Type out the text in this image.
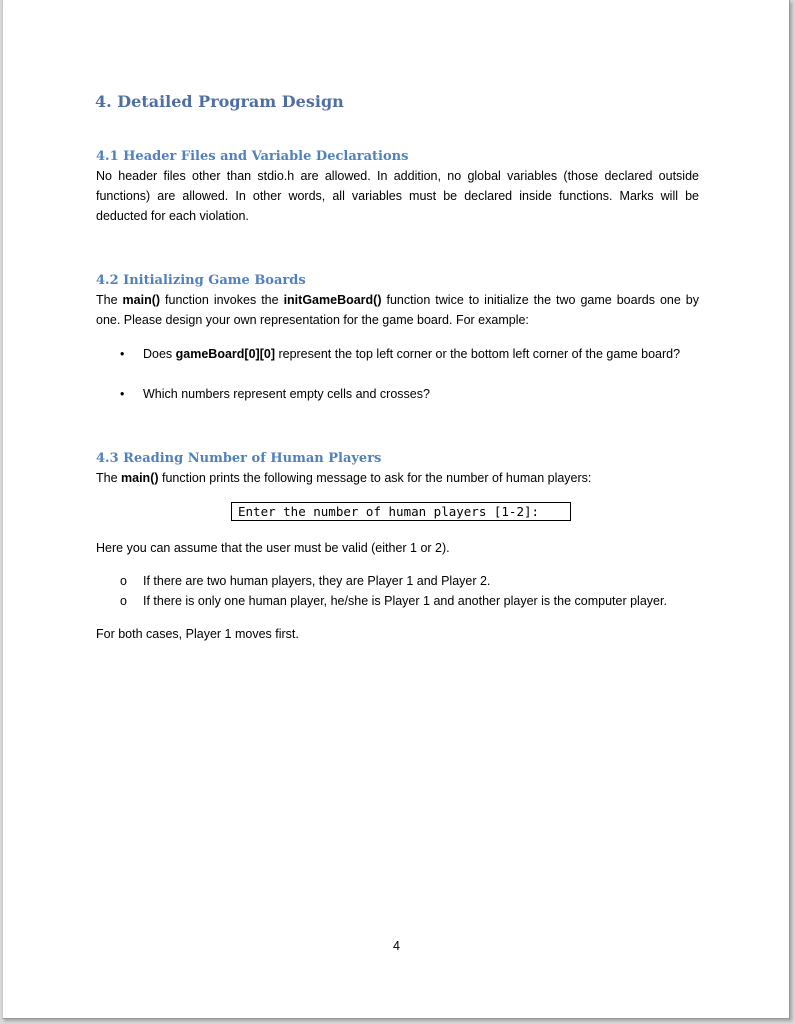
4. Detailed Program Design
4.1 Header Files and Variable Declarations
No header files other than stdio.h are allowed. In addition, no global variables (those declared outside functions) are allowed. In other words, all variables must be declared inside functions. Marks will be deducted for each violation.
4.2 Initializing Game Boards
The main() function invokes the initGameBoard() function twice to initialize the two game boards one by one. Please design your own representation for the game board. For example:
• Does gameBoard[0][0] represent the top left corner or the bottom left corner of the game board?
• Which numbers represent empty cells and crosses?
4.3 Reading Number of Human Players
The main() function prints the following message to ask for the number of human players:
Enter the number of human players [1-2]:
Here you can assume that the user must be valid (either 1 or 2).
o If there are two human players, they are Player 1 and Player 2.
o If there is only one human player, he/she is Player 1 and another player is the computer player.
For both cases, Player 1 moves first.
4
